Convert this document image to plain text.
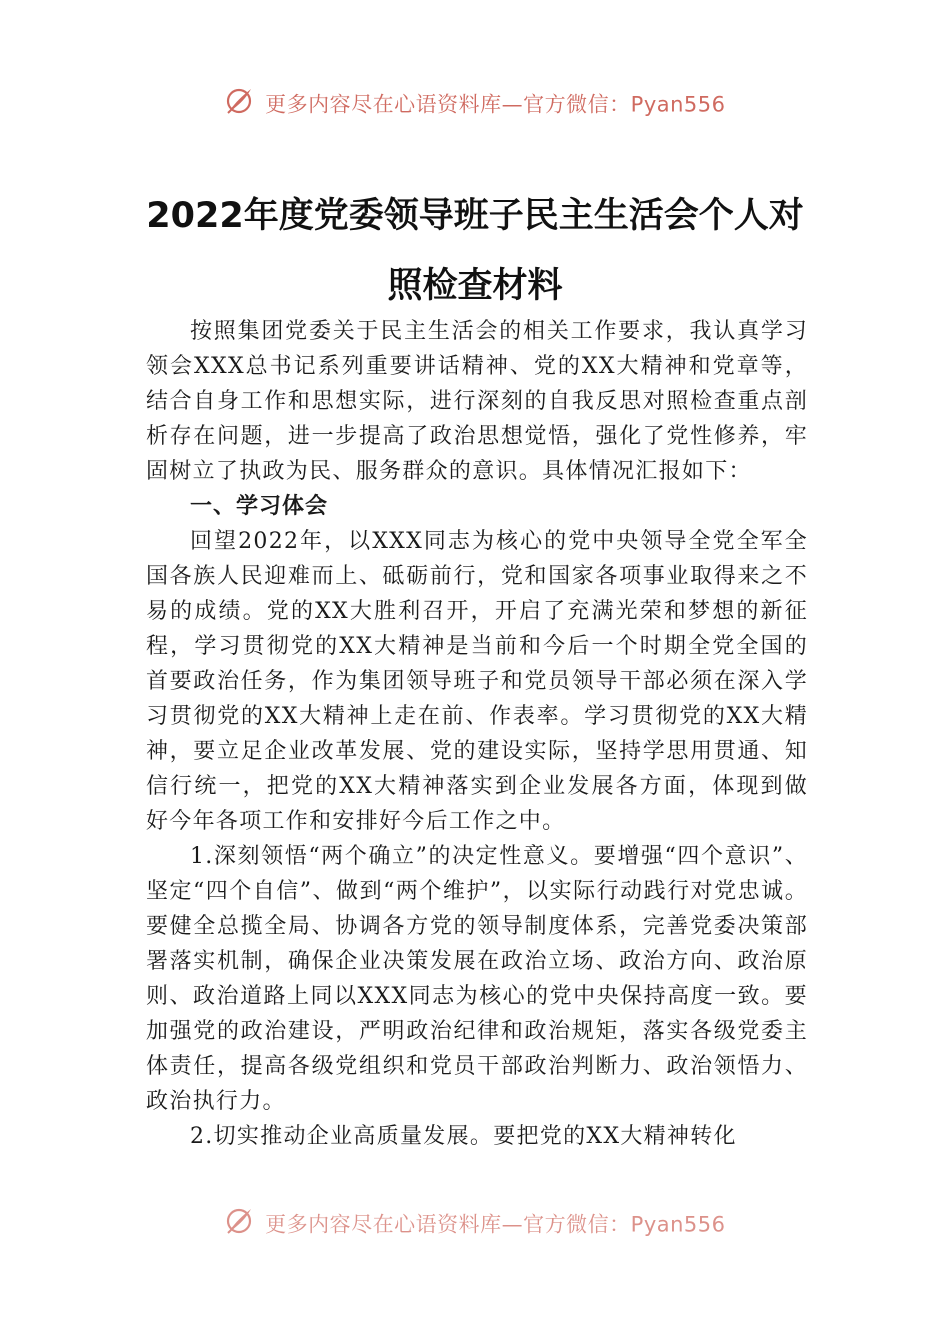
更多内容尽在心语资料库—官方微信：Pyan556
2022年度党委领导班子民主生活会个人对
照检查材料

按照集团党委关于民主生活会的相关工作要求，我认真学习领会XXX总书记系列重要讲话精神、党的XX大精神和党章等，结合自身工作和思想实际，进行深刻的自我反思对照检查重点剖析存在问题，进一步提高了政治思想觉悟，强化了党性修养，牢固树立了执政为民、服务群众的意识。具体情况汇报如下：

一、学习体会

回望2022年，以XXX同志为核心的党中央领导全党全军全国各族人民迎难而上、砥砺前行，党和国家各项事业取得来之不易的成绩。党的XX大胜利召开，开启了充满光荣和梦想的新征程，学习贯彻党的XX大精神是当前和今后一个时期全党全国的首要政治任务，作为集团领导班子和党员领导干部必须在深入学习贯彻党的XX大精神上走在前、作表率。学习贯彻党的XX大精神，要立足企业改革发展、党的建设实际，坚持学思用贯通、知信行统一，把党的XX大精神落实到企业发展各方面，体现到做好今年各项工作和安排好今后工作之中。

1.深刻领悟“两个确立”的决定性意义。要增强“四个意识”、坚定“四个自信”、做到“两个维护”，以实际行动践行对党忠诚。要健全总揽全局、协调各方党的领导制度体系，完善党委决策部署落实机制，确保企业决策发展在政治立场、政治方向、政治原则、政治道路上同以XXX同志为核心的党中央保持高度一致。要加强党的政治建设，严明政治纪律和政治规矩，落实各级党委主体责任，提高各级党组织和党员干部政治判断力、政治领悟力、政治执行力。

2.切实推动企业高质量发展。要把党的XX大精神转化

更多内容尽在心语资料库—官方微信：Pyan556
